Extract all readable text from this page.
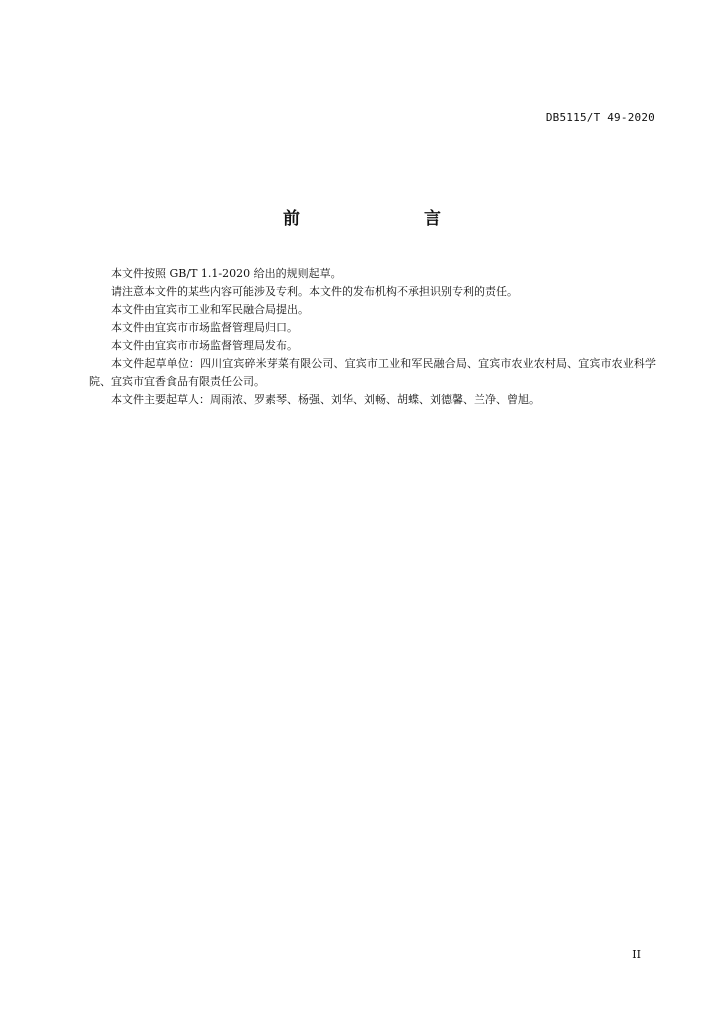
DB5115/T 49-2020
前　　言

本文件按照 GB/T 1.1-2020 给出的规则起草。

请注意本文件的某些内容可能涉及专利。本文件的发布机构不承担识别专利的责任。

本文件由宜宾市工业和军民融合局提出。

本文件由宜宾市市场监督管理局归口。

本文件由宜宾市市场监督管理局发布。

本文件起草单位：四川宜宾碎米芽菜有限公司、宜宾市工业和军民融合局、宜宾市农业农村局、宜宾市农业科学院、宜宾市宜香食品有限责任公司。

本文件主要起草人：周雨浓、罗素琴、杨强、刘华、刘畅、胡蝶、刘德馨、兰净、曾旭。

II
